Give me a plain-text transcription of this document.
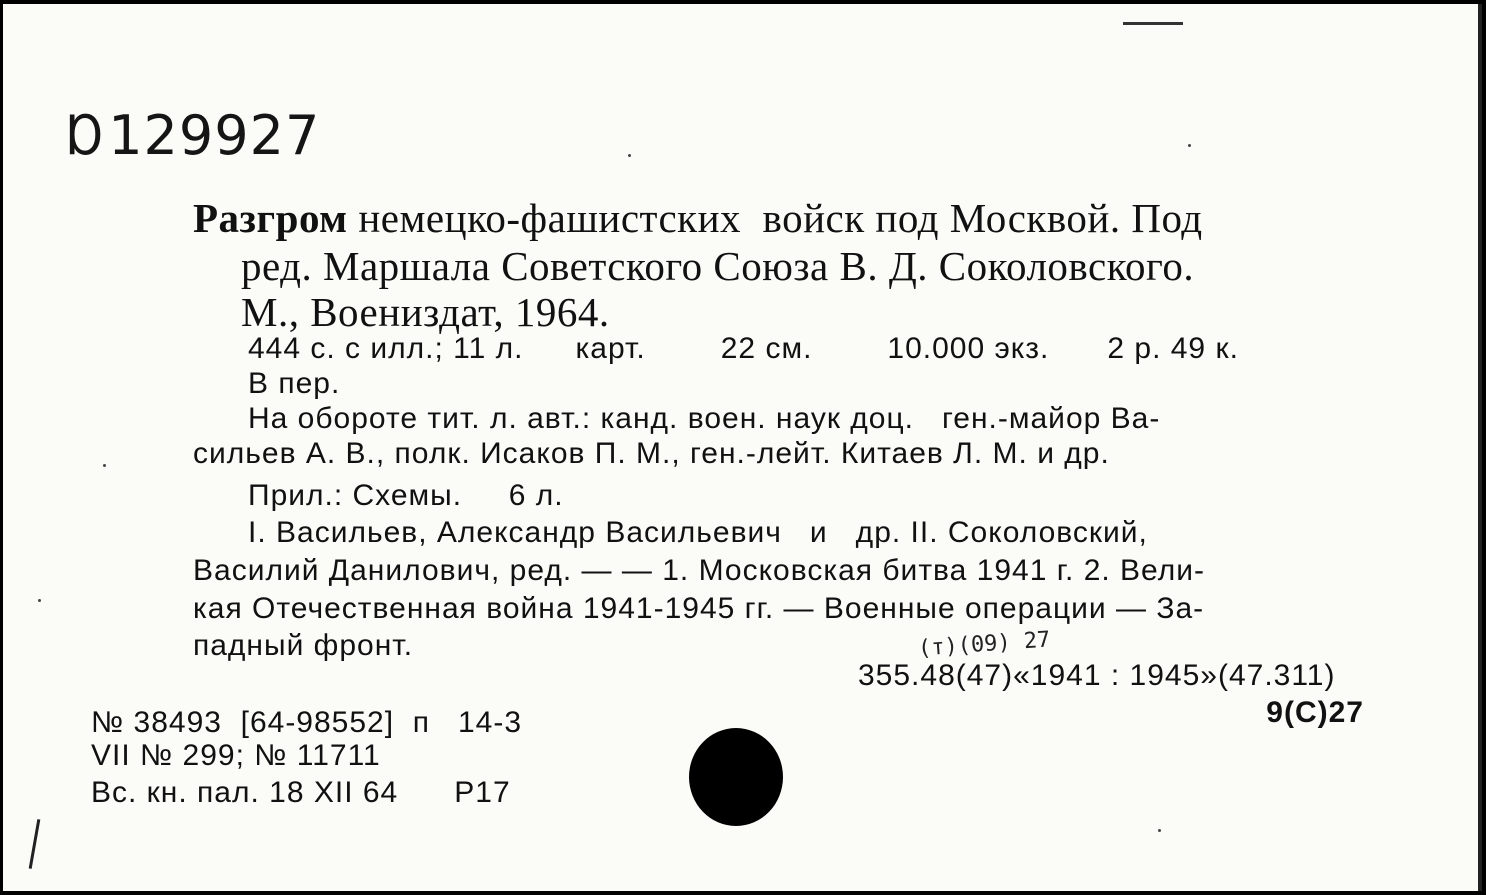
Ɒ129927
Разгром немецко-фашистских  войск под Москвой. Под
ред. Маршала Советского Союза В. Д. Соколовского.
М., Воениздат, 1964.
444 с. с илл.; 11 л. карт.	22 см.	10.000 экз. 2 р. 49 к.
В пер.
На обороте тит. л. авт.: канд. воен. наук доц.   ген.-майор Ва-
сильев А. В., полк. Исаков П. М., ген.-лейт. Китаев Л. М. и др.
Прил.: Схемы.     6 л.
I. Васильев, Александр Васильевич   и   др. II. Соколовский,
Василий Данилович, ред. — — 1. Московская битва 1941 г. 2. Вели-
кая Отечественная война 1941-1945 гг. — Военные операции — За-
падный фронт.	(т)(09) 27
355.48(47)«1941 : 1945»(47.311)
9(С)27
№ 38493  [64-98552]  п   14-3
VII № 299; № 11711
Вс. кн. пал. 18 XII 64      Р17
